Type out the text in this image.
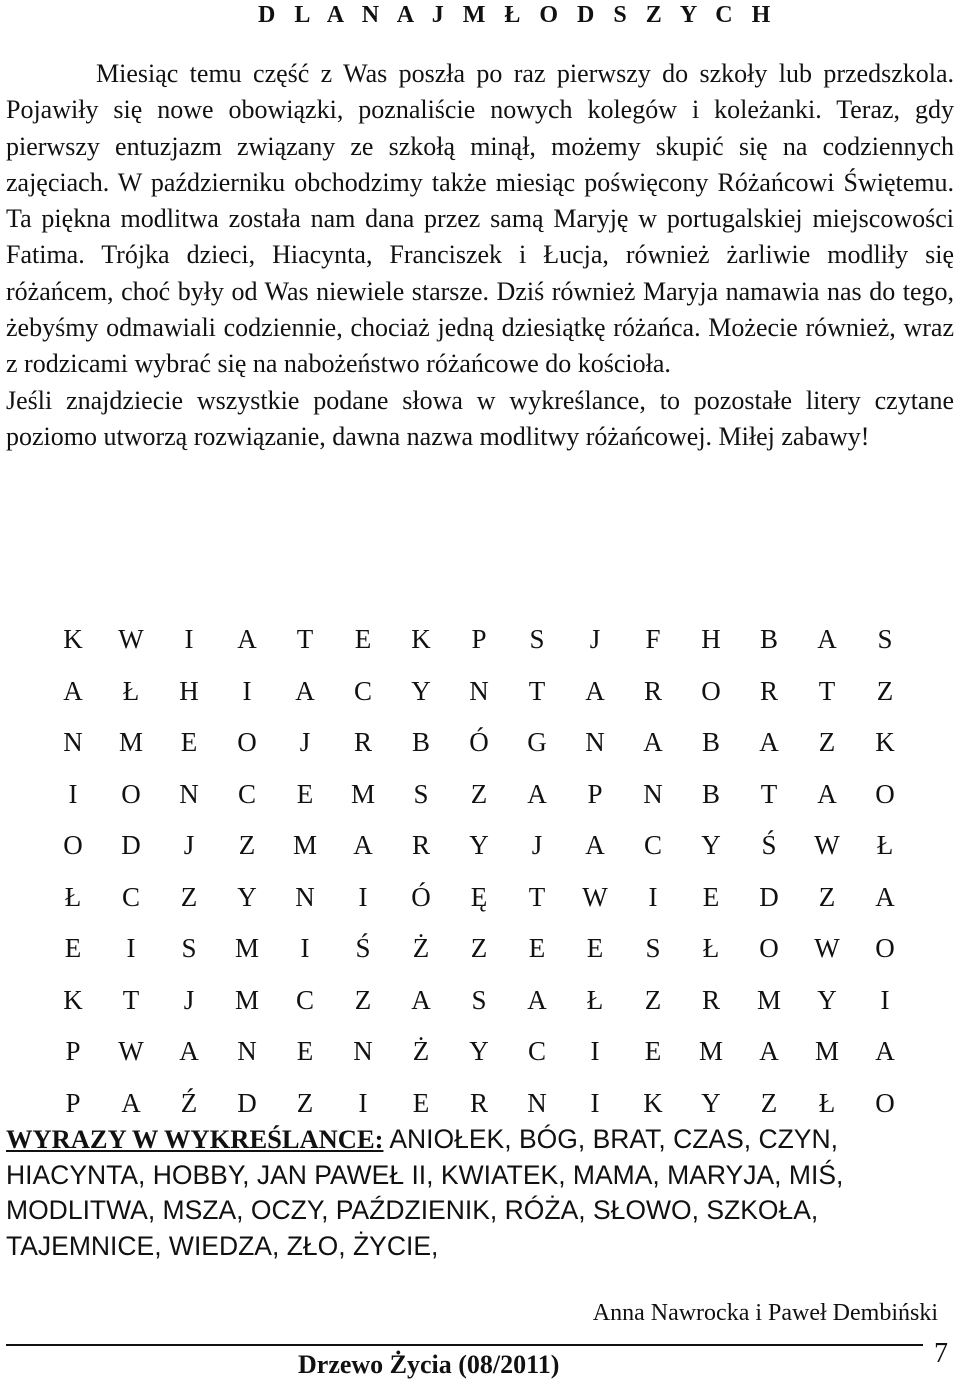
D L A N A J M Ł O D S Z Y C H

Miesiąc temu część z Was poszła po raz pierwszy do szkoły lub przedszkola. Pojawiły się nowe obowiązki, poznaliście nowych kolegów i koleżanki. Teraz, gdy pierwszy entuzjazm związany ze szkołą minął, możemy skupić się na codziennych zajęciach. W październiku obchodzimy także miesiąc poświęcony Różańcowi Świętemu. Ta piękna modlitwa została nam dana przez samą Maryję w portugalskiej miejscowości Fatima. Trójka dzieci, Hiacynta, Franciszek i Łucja, również żarliwie modliły się różańcem, choć były od Was niewiele starsze. Dziś również Maryja namawia nas do tego, żebyśmy odmawiali codziennie, chociaż jedną dziesiątkę różańca. Możecie również, wraz z rodzicami wybrać się na nabożeństwo różańcowe do kościoła.

Jeśli znajdziecie wszystkie podane słowa w wykreślance, to pozostałe litery czytane poziomo utworzą rozwiązanie, dawna nazwa modlitwy różańcowej. Miłej zabawy!

K	W	I	A	T	E	K	P	S	J	F	H	B	A	S
A	Ł	H	I	A	C	Y	N	T	A	R	O	R	T	Z
N	M	E	O	J	R	B	Ó	G	N	A	B	A	Z	K
I	O	N	C	E	M	S	Z	A	P	N	B	T	A	O
O	D	J	Z	M	A	R	Y	J	A	C	Y	Ś	W	Ł
Ł	C	Z	Y	N	I	Ó	Ę	T	W	I	E	D	Z	A
E	I	S	M	I	Ś	Ż	Z	E	E	S	Ł	O	W	O
K	T	J	M	C	Z	A	S	A	Ł	Z	R	M	Y	I
P	W	A	N	E	N	Ż	Y	C	I	E	M	A	M	A
P	A	Ź	D	Z	I	E	R	N	I	K	Y	Z	Ł	O
WYRAZY W WYKREŚLANCE: ANIOŁEK, BÓG, BRAT, CZAS, CZYN, HIACYNTA, HOBBY, JAN PAWEŁ II, KWIATEK, MAMA, MARYJA, MIŚ, MODLITWA, MSZA, OCZY, PAŹDZIENIK, RÓŻA, SŁOWO, SZKOŁA, TAJEMNICE, WIEDZA, ZŁO, ŻYCIE,
Anna Nawrocka i Paweł Dembiński
Drzewo Życia (08/2011)	7
